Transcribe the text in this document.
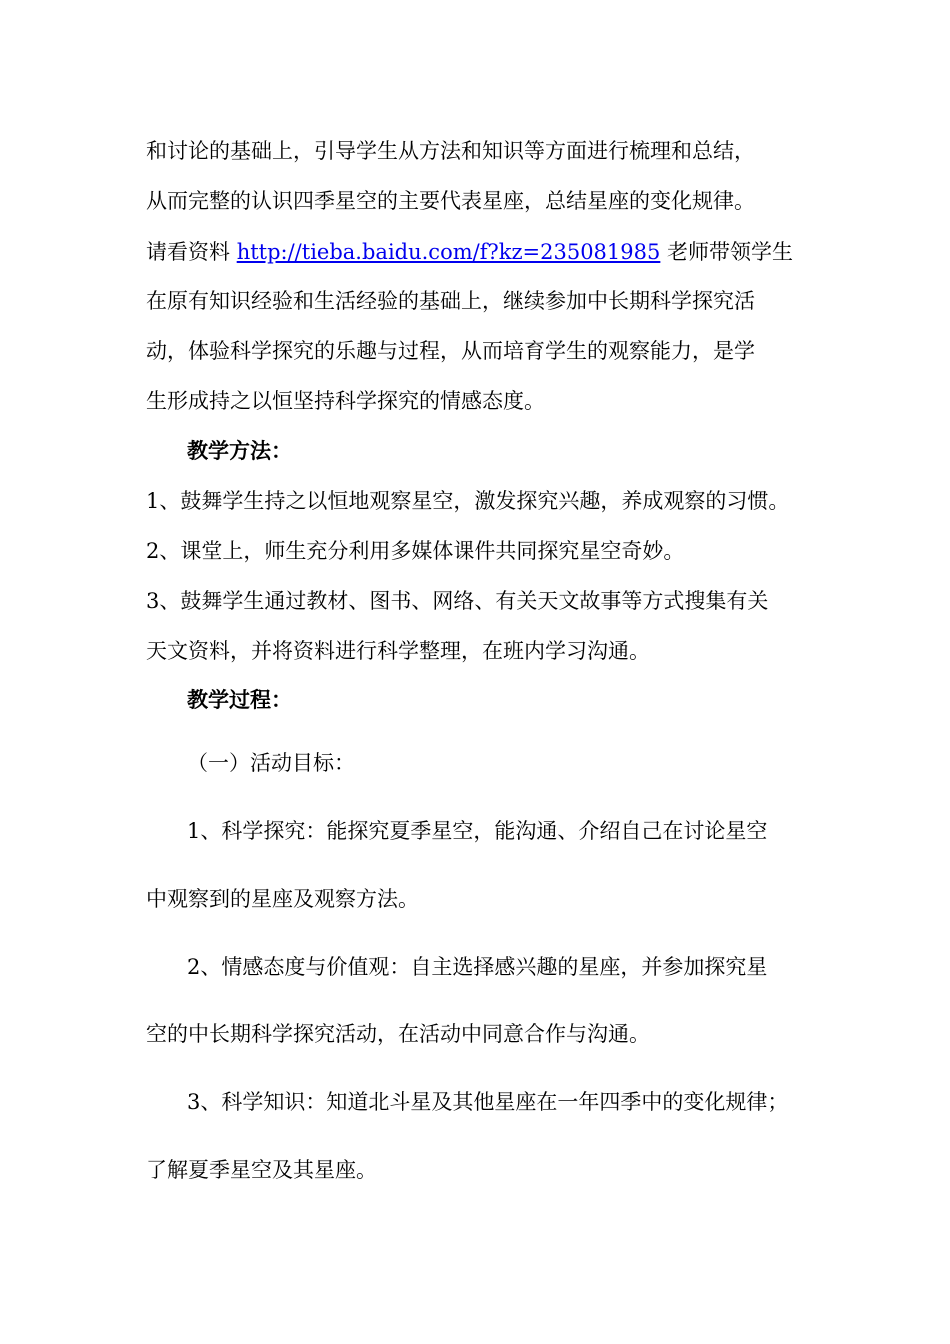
和讨论的基础上，引导学生从方法和知识等方面进行梳理和总结，

从而完整的认识四季星空的主要代表星座，总结星座的变化规律。

请看资料 http://tieba.baidu.com/f?kz=235081985 老师带领学生

在原有知识经验和生活经验的基础上，继续参加中长期科学探究活

动，体验科学探究的乐趣与过程，从而培育学生的观察能力，是学

生形成持之以恒坚持科学探究的情感态度。

教学方法：

1、鼓舞学生持之以恒地观察星空，激发探究兴趣，养成观察的习惯。

2、课堂上，师生充分利用多媒体课件共同探究星空奇妙。

3、鼓舞学生通过教材、图书、网络、有关天文故事等方式搜集有关

天文资料，并将资料进行科学整理，在班内学习沟通。

教学过程：

（一）活动目标：

1、科学探究：能探究夏季星空，能沟通、介绍自己在讨论星空

中观察到的星座及观察方法。

2、情感态度与价值观：自主选择感兴趣的星座，并参加探究星

空的中长期科学探究活动，在活动中同意合作与沟通。

3、科学知识：知道北斗星及其他星座在一年四季中的变化规律；

了解夏季星空及其星座。
